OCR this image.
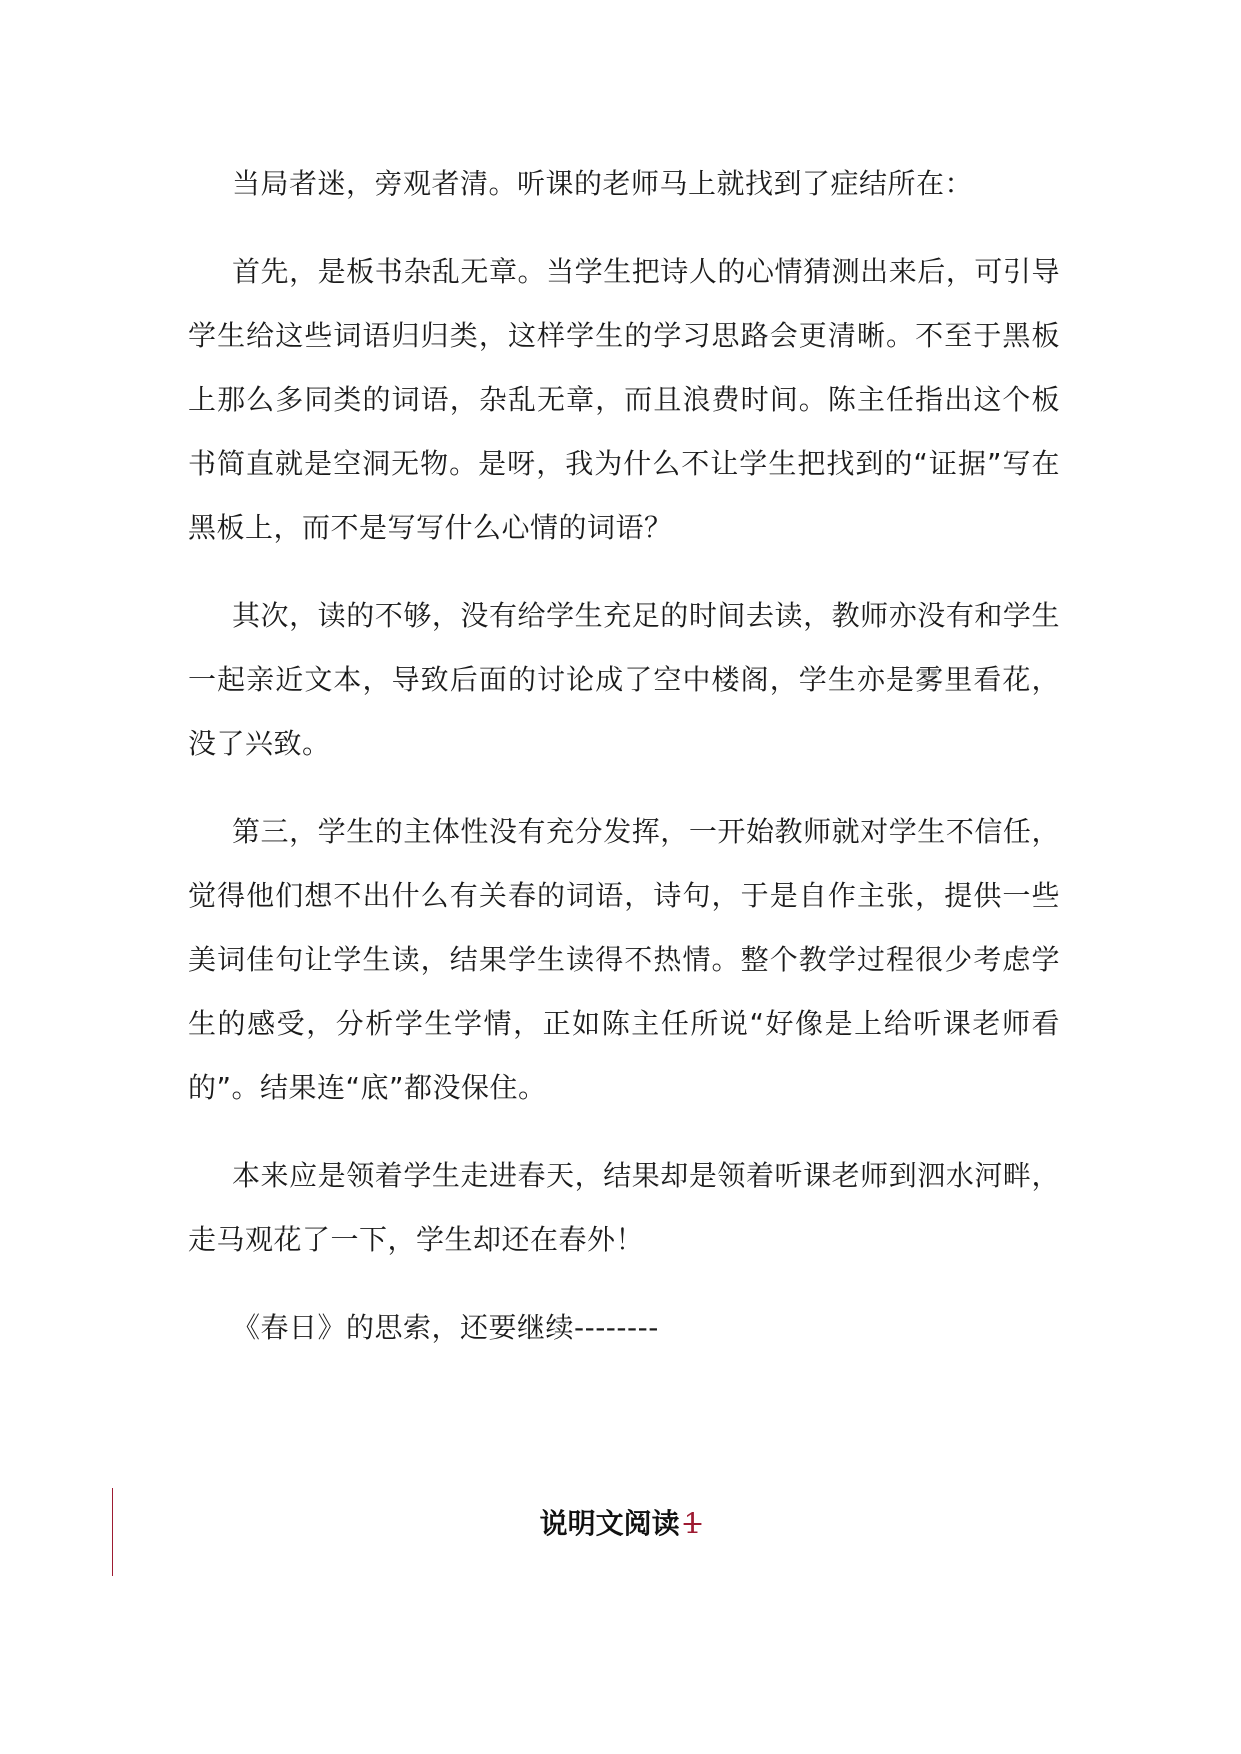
当局者迷，旁观者清。听课的老师马上就找到了症结所在：

首先，是板书杂乱无章。当学生把诗人的心情猜测出来后，可引导学生给这些词语归归类，这样学生的学习思路会更清晰。不至于黑板上那么多同类的词语，杂乱无章，而且浪费时间。陈主任指出这个板书简直就是空洞无物。是呀，我为什么不让学生把找到的“证据”写在黑板上，而不是写写什么心情的词语？

其次，读的不够，没有给学生充足的时间去读，教师亦没有和学生一起亲近文本，导致后面的讨论成了空中楼阁，学生亦是雾里看花，没了兴致。

第三，学生的主体性没有充分发挥，一开始教师就对学生不信任，觉得他们想不出什么有关春的词语，诗句，于是自作主张，提供一些美词佳句让学生读，结果学生读得不热情。整个教学过程很少考虑学生的感受，分析学生学情，正如陈主任所说“好像是上给听课老师看的”。结果连“底”都没保住。

本来应是领着学生走进春天，结果却是领着听课老师到泗水河畔，走马观花了一下，学生却还在春外！

《春日》的思索，还要继续--------

说明文阅读 1
